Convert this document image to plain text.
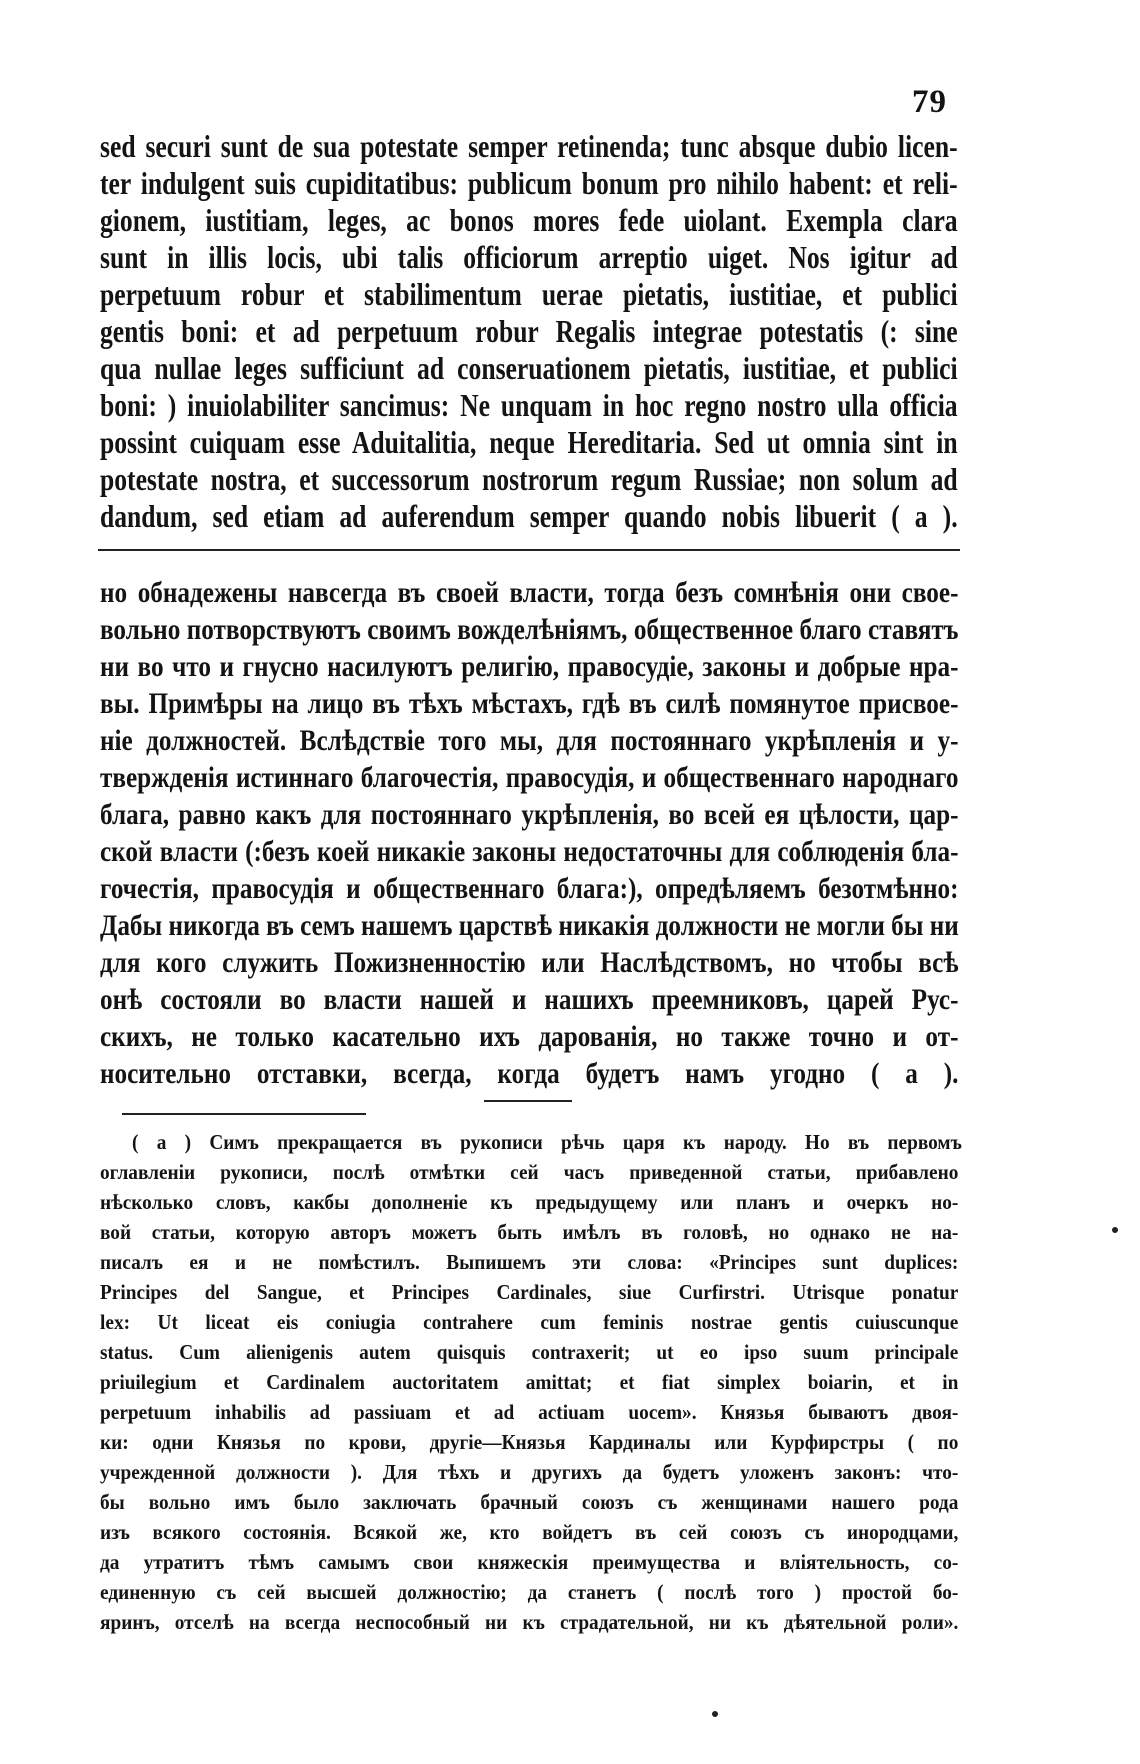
79
sed securi sunt de sua potestate semper retinenda; tunc absque dubio licen-
ter indulgent suis cupiditatibus: publicum bonum pro nihilo habent: et reli-
gionem, iustitiam, leges, ac bonos mores fede uiolant. Exempla clara
sunt in illis locis, ubi talis officiorum arreptio uiget. Nos igitur ad
perpetuum robur et stabilimentum uerae pietatis, iustitiae, et publici
gentis boni: et ad perpetuum robur Regalis integrae potestatis (: sine
qua nullae leges sufficiunt ad conseruationem pietatis, iustitiae, et publici
boni: ) inuiolabiliter sancimus: Ne unquam in hoc regno nostro ulla officia
possint cuiquam esse Aduitalitia, neque Hereditaria. Sed ut omnia sint in
potestate nostra, et successorum nostrorum regum Russiae; non solum ad
dandum, sed etiam ad auferendum semper quando nobis libuerit ( a ).
но обнадежены навсегда въ своей власти, тогда безъ сомнѣнія они свое-
вольно потворствуютъ своимъ вожделѣніямъ, общественное благо ставятъ
ни во что и гнусно насилуютъ религію, правосудіе, законы и добрые нра-
вы. Примѣры на лицо въ тѣхъ мѣстахъ, гдѣ въ силѣ помянутое присвое-
ніе должностей. Вслѣдствіе того мы, для постояннаго укрѣпленія и у-
твержденія истиннаго благочестія, правосудія, и общественнаго народнаго
блага, равно какъ для постояннаго укрѣпленія, во всей ея цѣлости, цар-
ской власти (:безъ коей никакіе законы недостаточны для соблюденія бла-
гочестія, правосудія и общественнаго блага:), опредѣляемъ безотмѣнно:
Дабы никогда въ семъ нашемъ царствѣ никакія должности не могли бы ни
для кого служить Пожизненностію или Наслѣдствомъ, но чтобы всѣ
онѣ состояли во власти нашей и нашихъ преемниковъ, царей Рус-
скихъ, не только касательно ихъ дарованія, но также точно и от-
носительно отставки, всегда, когда будетъ намъ угодно ( а ).
( а ) Симъ прекращается въ рукописи рѣчь царя къ народу. Но въ первомъ
оглавленіи рукописи, послѣ отмѣтки сей часъ приведенной статьи, прибавлено
нѣсколько словъ, какбы дополненіе къ предыдущему или планъ и очеркъ но-
вой статьи, которую авторъ можетъ быть имѣлъ въ головѣ, но однако не на-
писалъ ея и не помѣстилъ. Выпишемъ эти слова: «Principes sunt duplices:
Principes del Sangue, et Principes Cardinales, siue Curfirstri. Utrisque ponatur
lex: Ut liceat eis coniugia contrahere cum feminis nostrae gentis cuiuscunque
status. Cum alienigenis autem quisquis contraxerit; ut eo ipso suum principale
priuilegium et Cardinalem auctoritatem amittat; et fiat simplex boiarin, et in
perpetuum inhabilis ad passiuam et ad actiuam uocem». Князья бываютъ двоя-
ки: одни Князья по крови, другіе—Князья Кардиналы или Курфирстры ( по
учрежденной должности ). Для тѣхъ и другихъ да будетъ уложенъ законъ: что-
бы вольно имъ было заключать брачный союзъ съ женщинами нашего рода
изъ всякого состоянія. Всякой же, кто войдетъ въ сей союзъ съ инородцами,
да утратитъ тѣмъ самымъ свои княжескія преимущества и вліятельность, со-
единенную съ сей высшей должностію; да станетъ ( послѣ того ) простой бо-
яринъ, отселѣ на всегда неспособный ни къ страдательной, ни къ дѣятельной роли».
